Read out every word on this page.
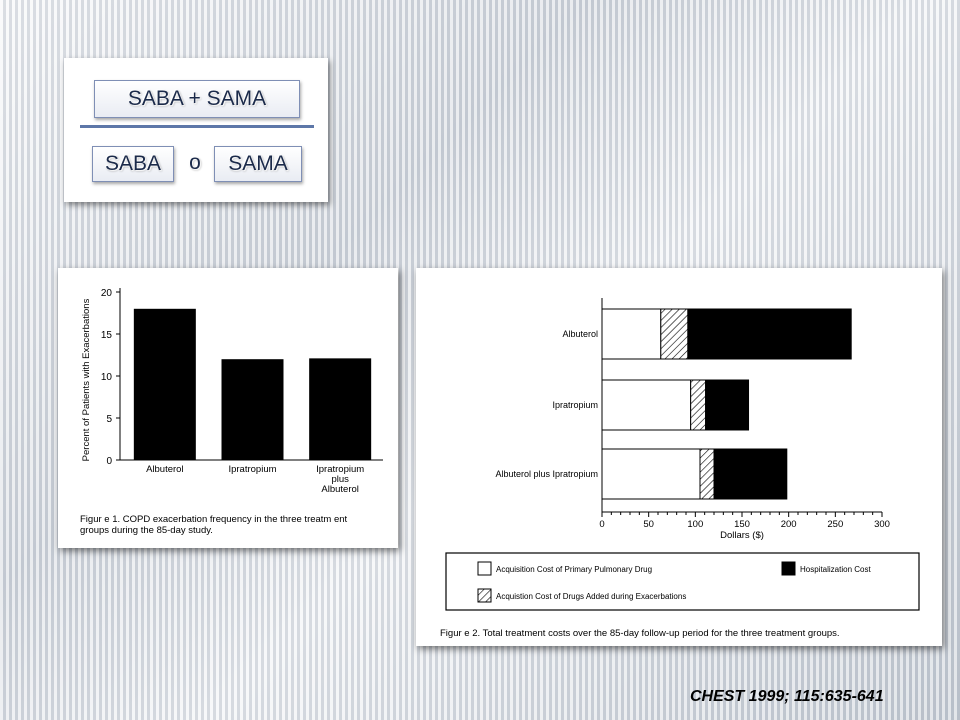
SABA + SAMA
SABA	o	SAMA
0
5
10
15
20
Percent of Patients with Exacerbations
Albuterol	Ipratropium	Ipratropium
plus
Albuterol
Figur e 1. COPD exacerbation frequency in the three treatm ent
groups during the 85-day study.
0	50	100	150	200	250	300
Dollars ($)
Albuterol
Ipratropium
Albuterol plus Ipratropium
Acquisition Cost of Primary Pulmonary Drug
Acquistion Cost of Drugs Added during Exacerbations
Hospitalization Cost
Figur e 2. Total treatment costs over the 85-day follow-up period for the three treatment groups.
CHEST 1999; 115:635-641
